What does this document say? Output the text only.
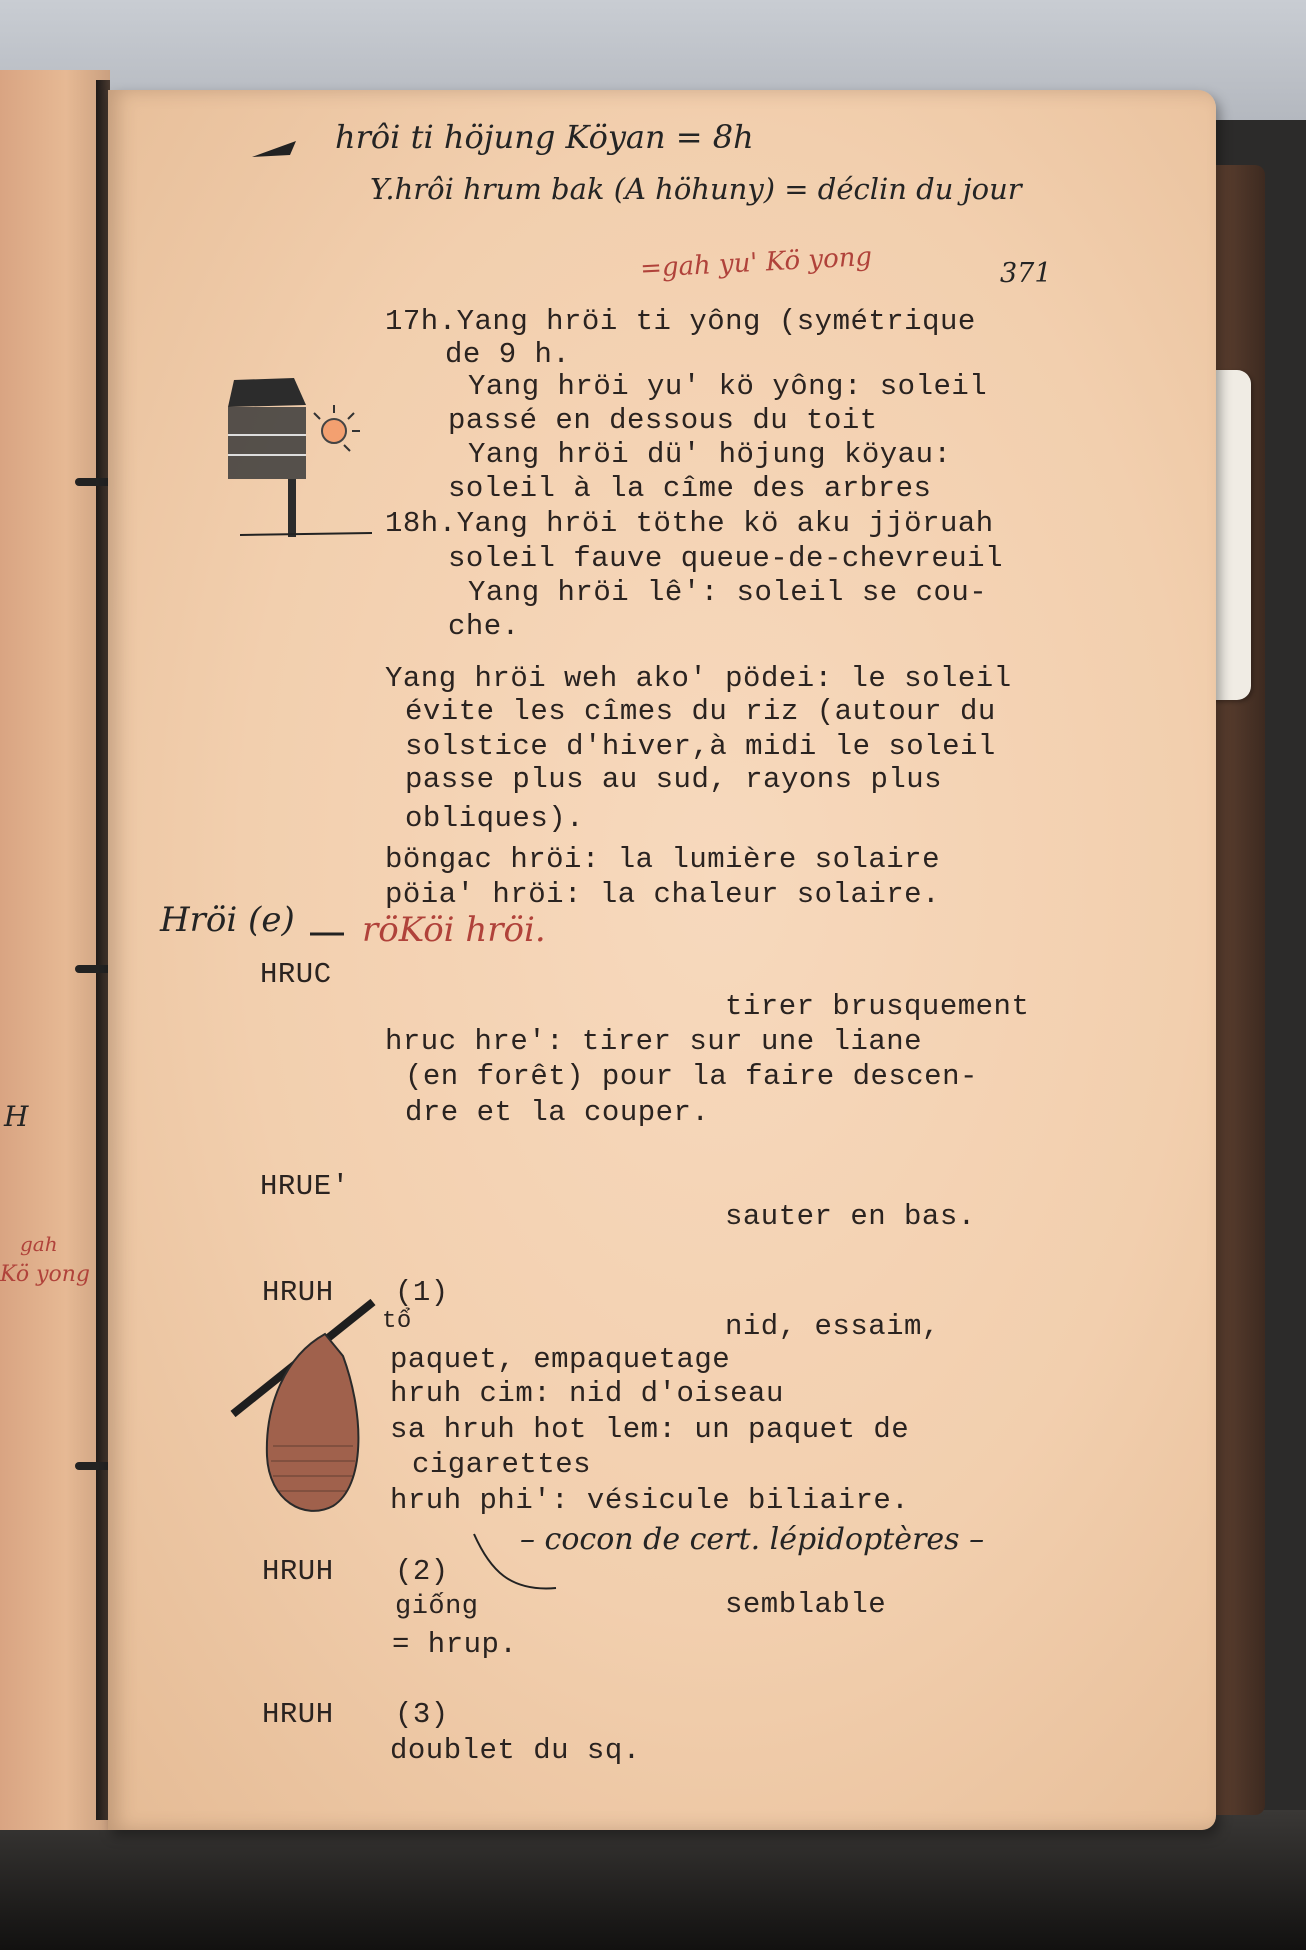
H
gah
Kö yong
hrôi ti höjung Köyan = 8h
Y.hrôi hrum bak (A höhuny) = déclin du jour
=gah yu' Kö yong	371
17h.Yang hröi ti yông (symétrique
de 9 h.
Yang hröi yu' kö yông: soleil
passé en dessous du toit
Yang hröi dü' höjung köyau:
soleil à la cîme des arbres
18h.Yang hröi töthe kö aku jjöruah
soleil fauve queue-de-chevreuil
Yang hröi lê': soleil se cou-
che.
Yang hröi weh ako' pödei: le soleil
évite les cîmes du riz (autour du
solstice d'hiver,à midi le soleil
passe plus au sud, rayons plus
obliques).
böngac hröi: la lumière solaire
pöia' hröi: la chaleur solaire.
Hröi (e) röKöi hröi.
HRUC
tirer brusquement
hruc hre': tirer sur une liane
(en forêt) pour la faire descen-
dre et la couper.
HRUE'
sauter en bas.
HRUH (1)
tổ	nid, essaim,
paquet, empaquetage
hruh cim: nid d'oiseau
sa hruh hot lem: un paquet de
cigarettes
hruh phi': vésicule biliaire.
– cocon de cert. lépidoptères –
HRUH (2)
giống	semblable
= hrup.
HRUH (3)
doublet du sq.
